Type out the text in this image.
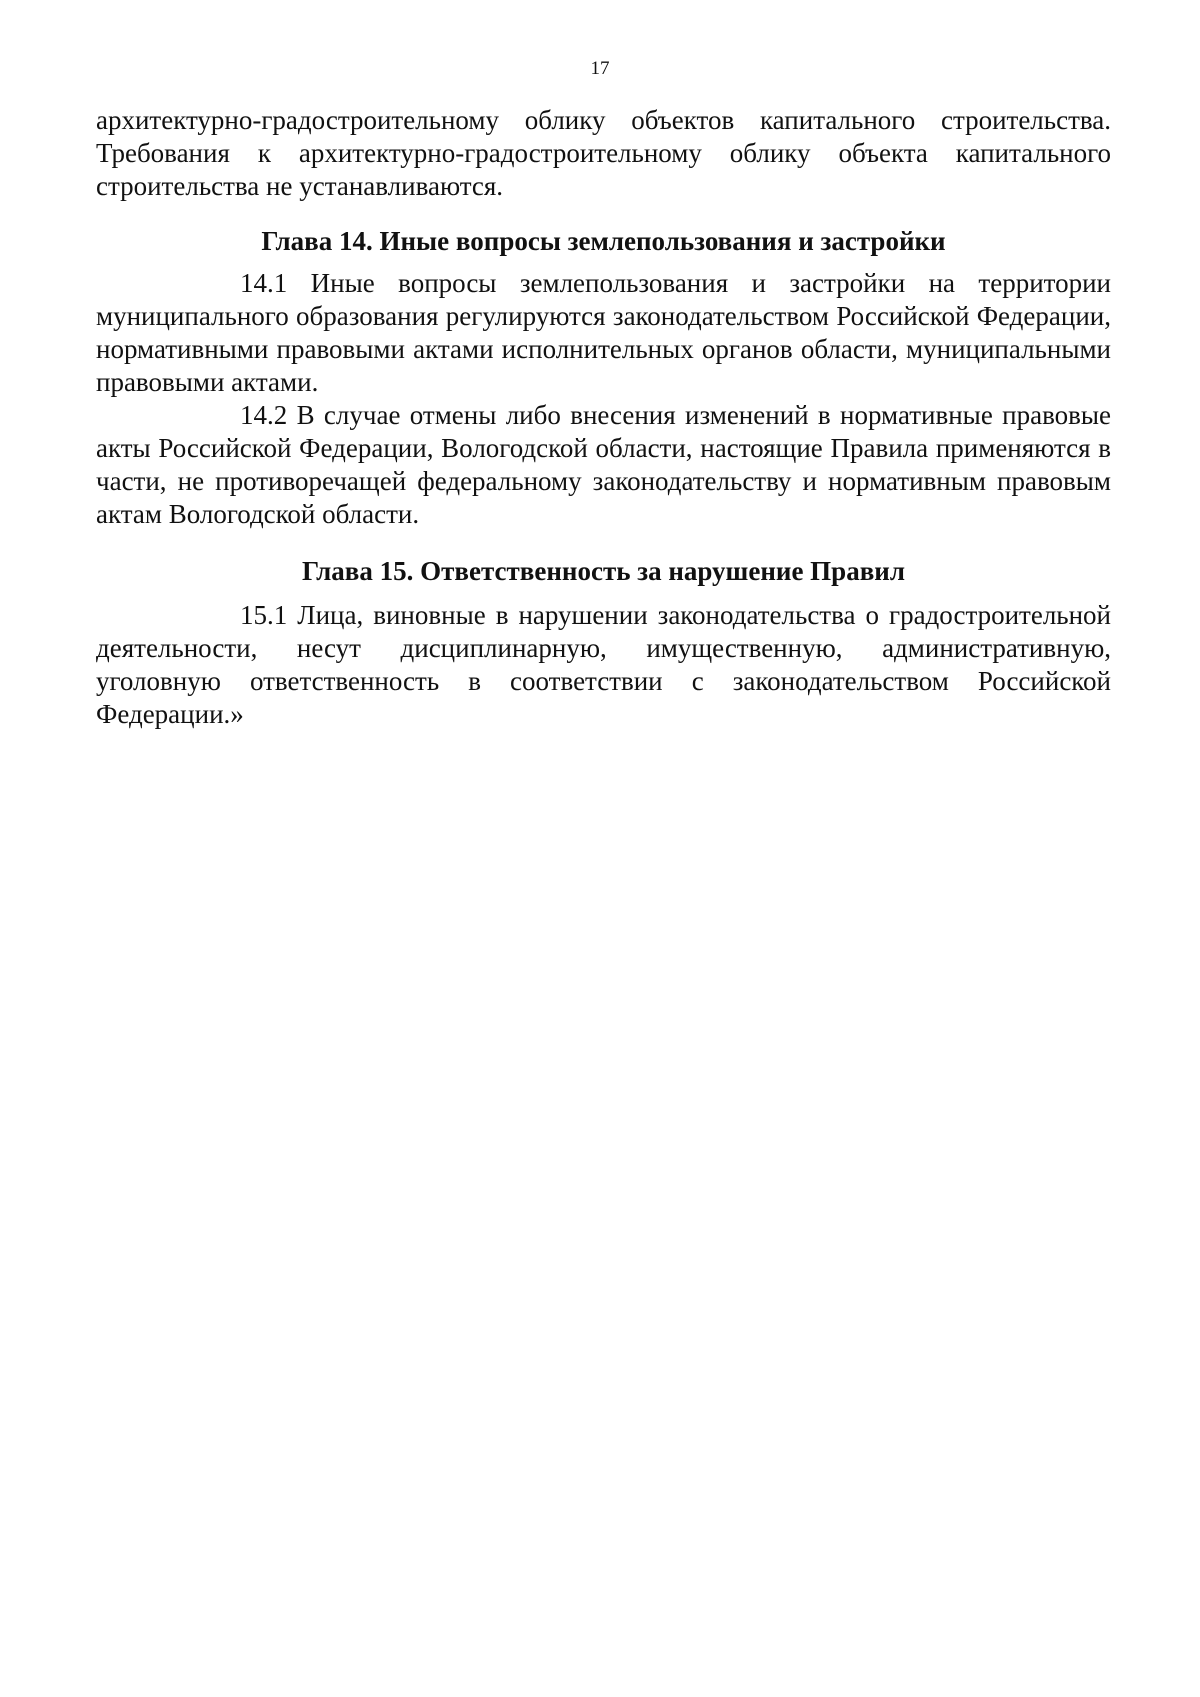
17

архитектурно-градостроительному облику объектов капитального строительства. Требования к архитектурно-градостроительному облику объекта капитального строительства не устанавливаются.

Глава 14. Иные вопросы землепользования и застройки

14.1 Иные вопросы землепользования и застройки на территории муниципального образования регулируются законодательством Российской Федерации, нормативными правовыми актами исполнительных органов области, муниципальными правовыми актами.

14.2 В случае отмены либо внесения изменений в нормативные правовые акты Российской Федерации, Вологодской области, настоящие Правила применяются в части, не противоречащей федеральному законодательству и нормативным правовым актам Вологодской области.

Глава 15. Ответственность за нарушение Правил

15.1 Лица, виновные в нарушении законодательства о градостроительной деятельности, несут дисциплинарную, имущественную, административную, уголовную ответственность в соответствии с законодательством Российской Федерации.»
